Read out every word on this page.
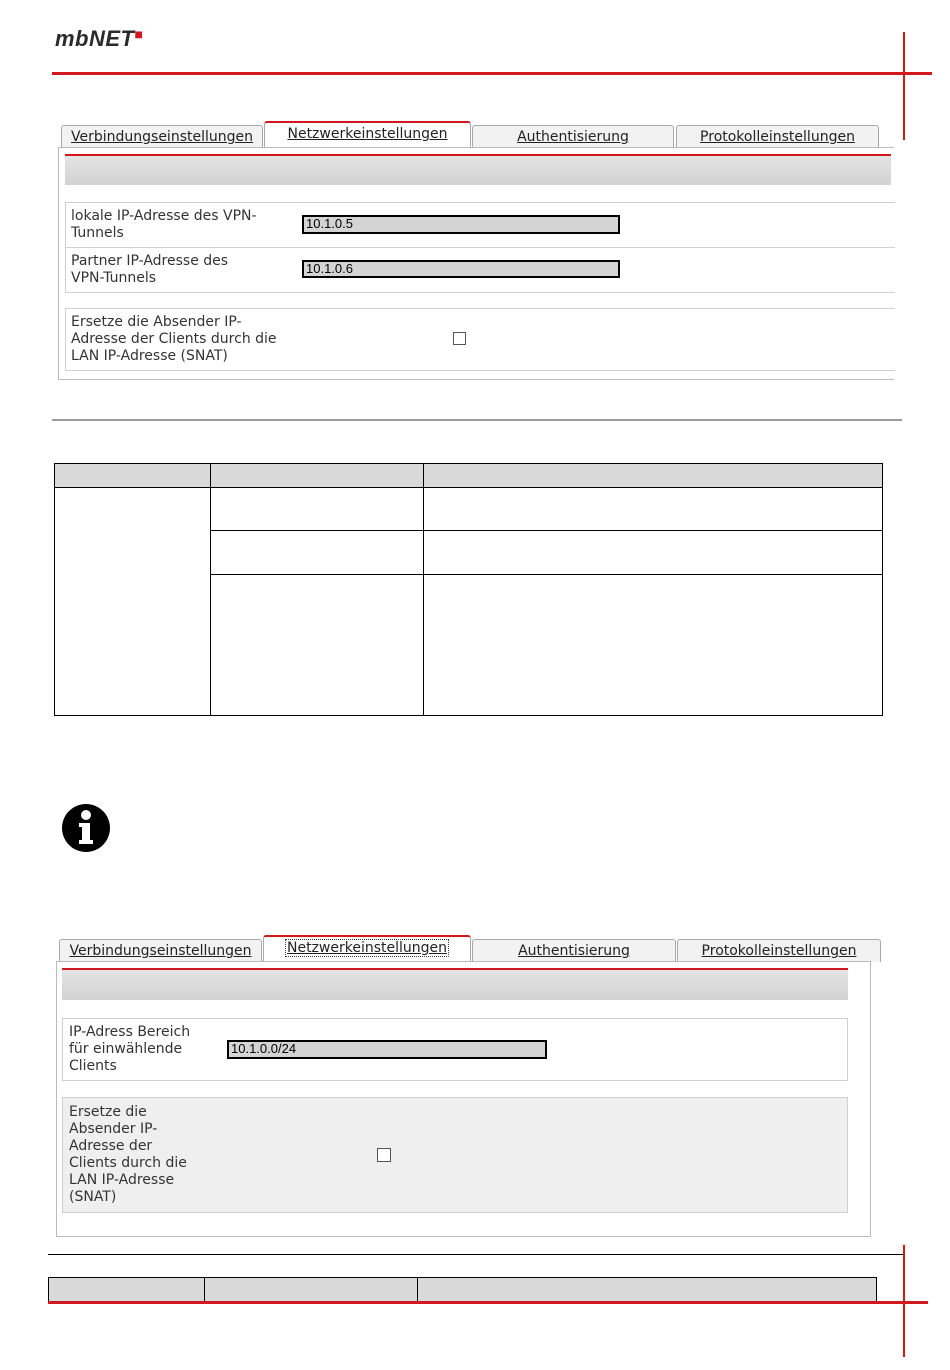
mbNET■
Verbindungseinstellungen	Netzwerkeinstellungen	Authentisierung	Protokolleinstellungen
lokale IP-Adresse des VPN-Tunnels
10.1.0.5
Partner IP-Adresse des VPN-Tunnels
10.1.0.6
Ersetze die Absender IP-Adresse der Clients durch die LAN IP-Adresse (SNAT)

Verbindungseinstellungen	Netzwerkeinstellungen	Authentisierung	Protokolleinstellungen
IP-Adress Bereich für einwählende Clients
10.1.0.0/24
Ersetze die Absender IP-Adresse der Clients durch die LAN IP-Adresse (SNAT)
